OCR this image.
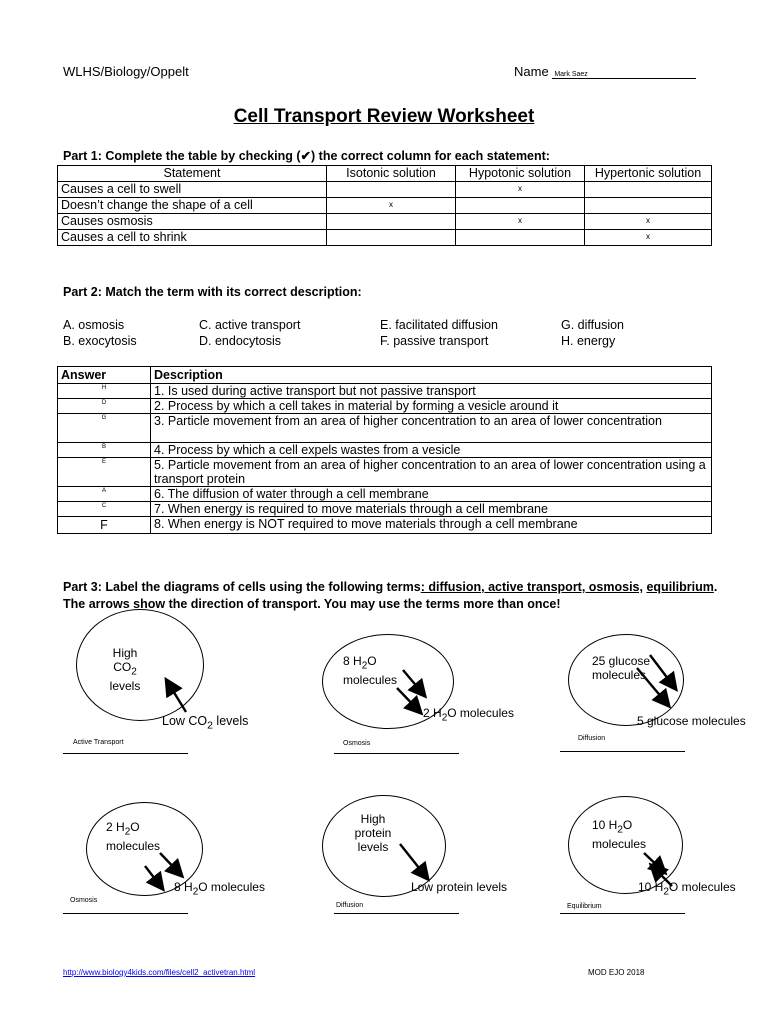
WLHS/Biology/Oppelt	Name Mark Saez
Cell Transport Review Worksheet
Part 1: Complete the table by checking (✔) the correct column for each statement:
Statement	Isotonic solution	Hypotonic solution	Hypertonic solution
Causes a cell to swell		x	
Doesn’t change the shape of a cell	x		
Causes osmosis		x	x
Causes a cell to shrink			x
Part 2: Match the term with its correct description:
A. osmosis
B. exocytosis
C. active transport
D. endocytosis
E. facilitated diffusion
F. passive transport
G. diffusion
H. energy
Answer	Description
H	1. Is used during active transport but not passive transport
D	2. Process by which a cell takes in material by forming a vesicle around it
G	3. Particle movement from an area of higher concentration to an area of lower concentration
B	4. Process by which a cell expels wastes from a vesicle
E	5. Particle movement from an area of higher concentration to an area of lower concentration using a transport protein
A	6. The diffusion of water through a cell membrane
C	7. When energy is required to move materials through a cell membrane
F	8. When energy is NOT required to move materials through a cell membrane
Part 3: Label the diagrams of cells using the following terms: diffusion, active transport, osmosis, equilibrium. The arrows show the direction of transport. You may use the terms more than once!
High
$CO_2$
levels
Low $CO_2$ levels
Active Transport
8 $H_2O$
molecules
2 $H_2O$ molecules
Osmosis
25 glucose
molecules
5 glucose molecules
Diffusion
2 $H_2O$
molecules
8 $H_2O$ molecules
Osmosis
High
protein
levels
Low protein levels
Diffusion
10 $H_2O$
molecules
10 $H_2O$ molecules
Equilibrium
http://www.biology4kids.com/files/cell2_activetran.html	MOD EJO 2018
